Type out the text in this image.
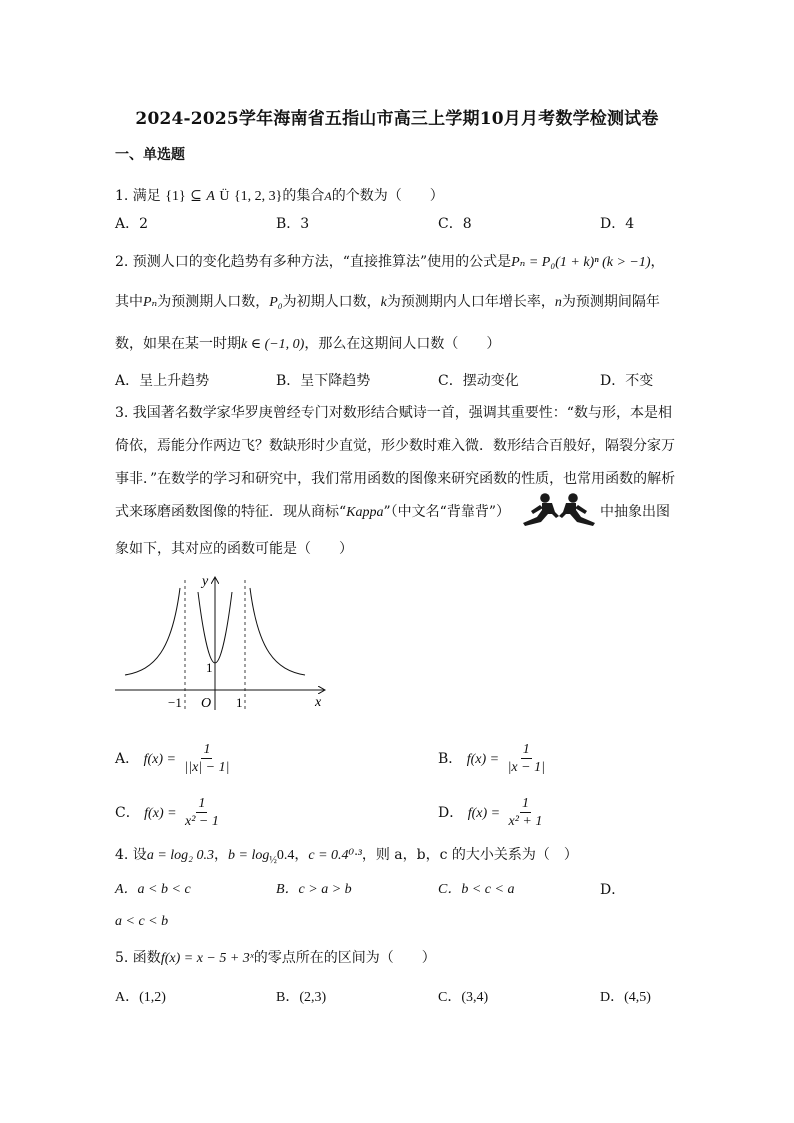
2024-2025学年海南省五指山市高三上学期10月月考数学检测试卷
一、单选题
1. 满足 {1} ⊆ A Ü {1, 2, 3}的集合A的个数为（　　）
A．2	B．3	C．8	D．4
2. 预测人口的变化趋势有多种方法，“直接推算法”使用的公式是Pₙ = P₀(1 + k)ⁿ (k > −1)，
其中Pₙ为预测期人口数，P₀为初期人口数，k为预测期内人口年增长率，n为预测期间隔年
数，如果在某一时期k ∈ (−1, 0)，那么在这期间人口数（　　）
A．呈上升趋势	B．呈下降趋势	C．摆动变化	D．不变
3. 我国著名数学家华罗庚曾经专门对数形结合赋诗一首，强调其重要性：“数与形，本是相
倚依，焉能分作两边飞？数缺形时少直觉，形少数时难入微．数形结合百般好，隔裂分家万
事非．”在数学的学习和研究中，我们常用函数的图像来研究函数的性质，也常用函数的解析
式来琢磨函数图像的特征．现从商标“Kappa”（中文名“背靠背”）	中抽象出图
象如下，其对应的函数可能是（　　）
y
x
O
−1	1
1
A． $f(x) = \frac{1}{||x| - 1|}$	B． $f(x) = \frac{1}{|x - 1|}$
C． $f(x) = \frac{1}{\text{x² − 1}}$	D． $f(x) = \frac{1}{\text{x² + 1}}$
4. 设a = log₂ 0.3，$b = \log_{\frac{1}{2}}0.4$，c = 0.4⁰·³，则 a，b，c 的大小关系为（　）
A．a < b < c	B．c > a > b	C．b < c < a	D．
a < c < b
5. 函数f(x) = x − 5 + 3ˣ的零点所在的区间为（　　）
A．(1,2)	B．(2,3)	C．(3,4)	D．(4,5)
